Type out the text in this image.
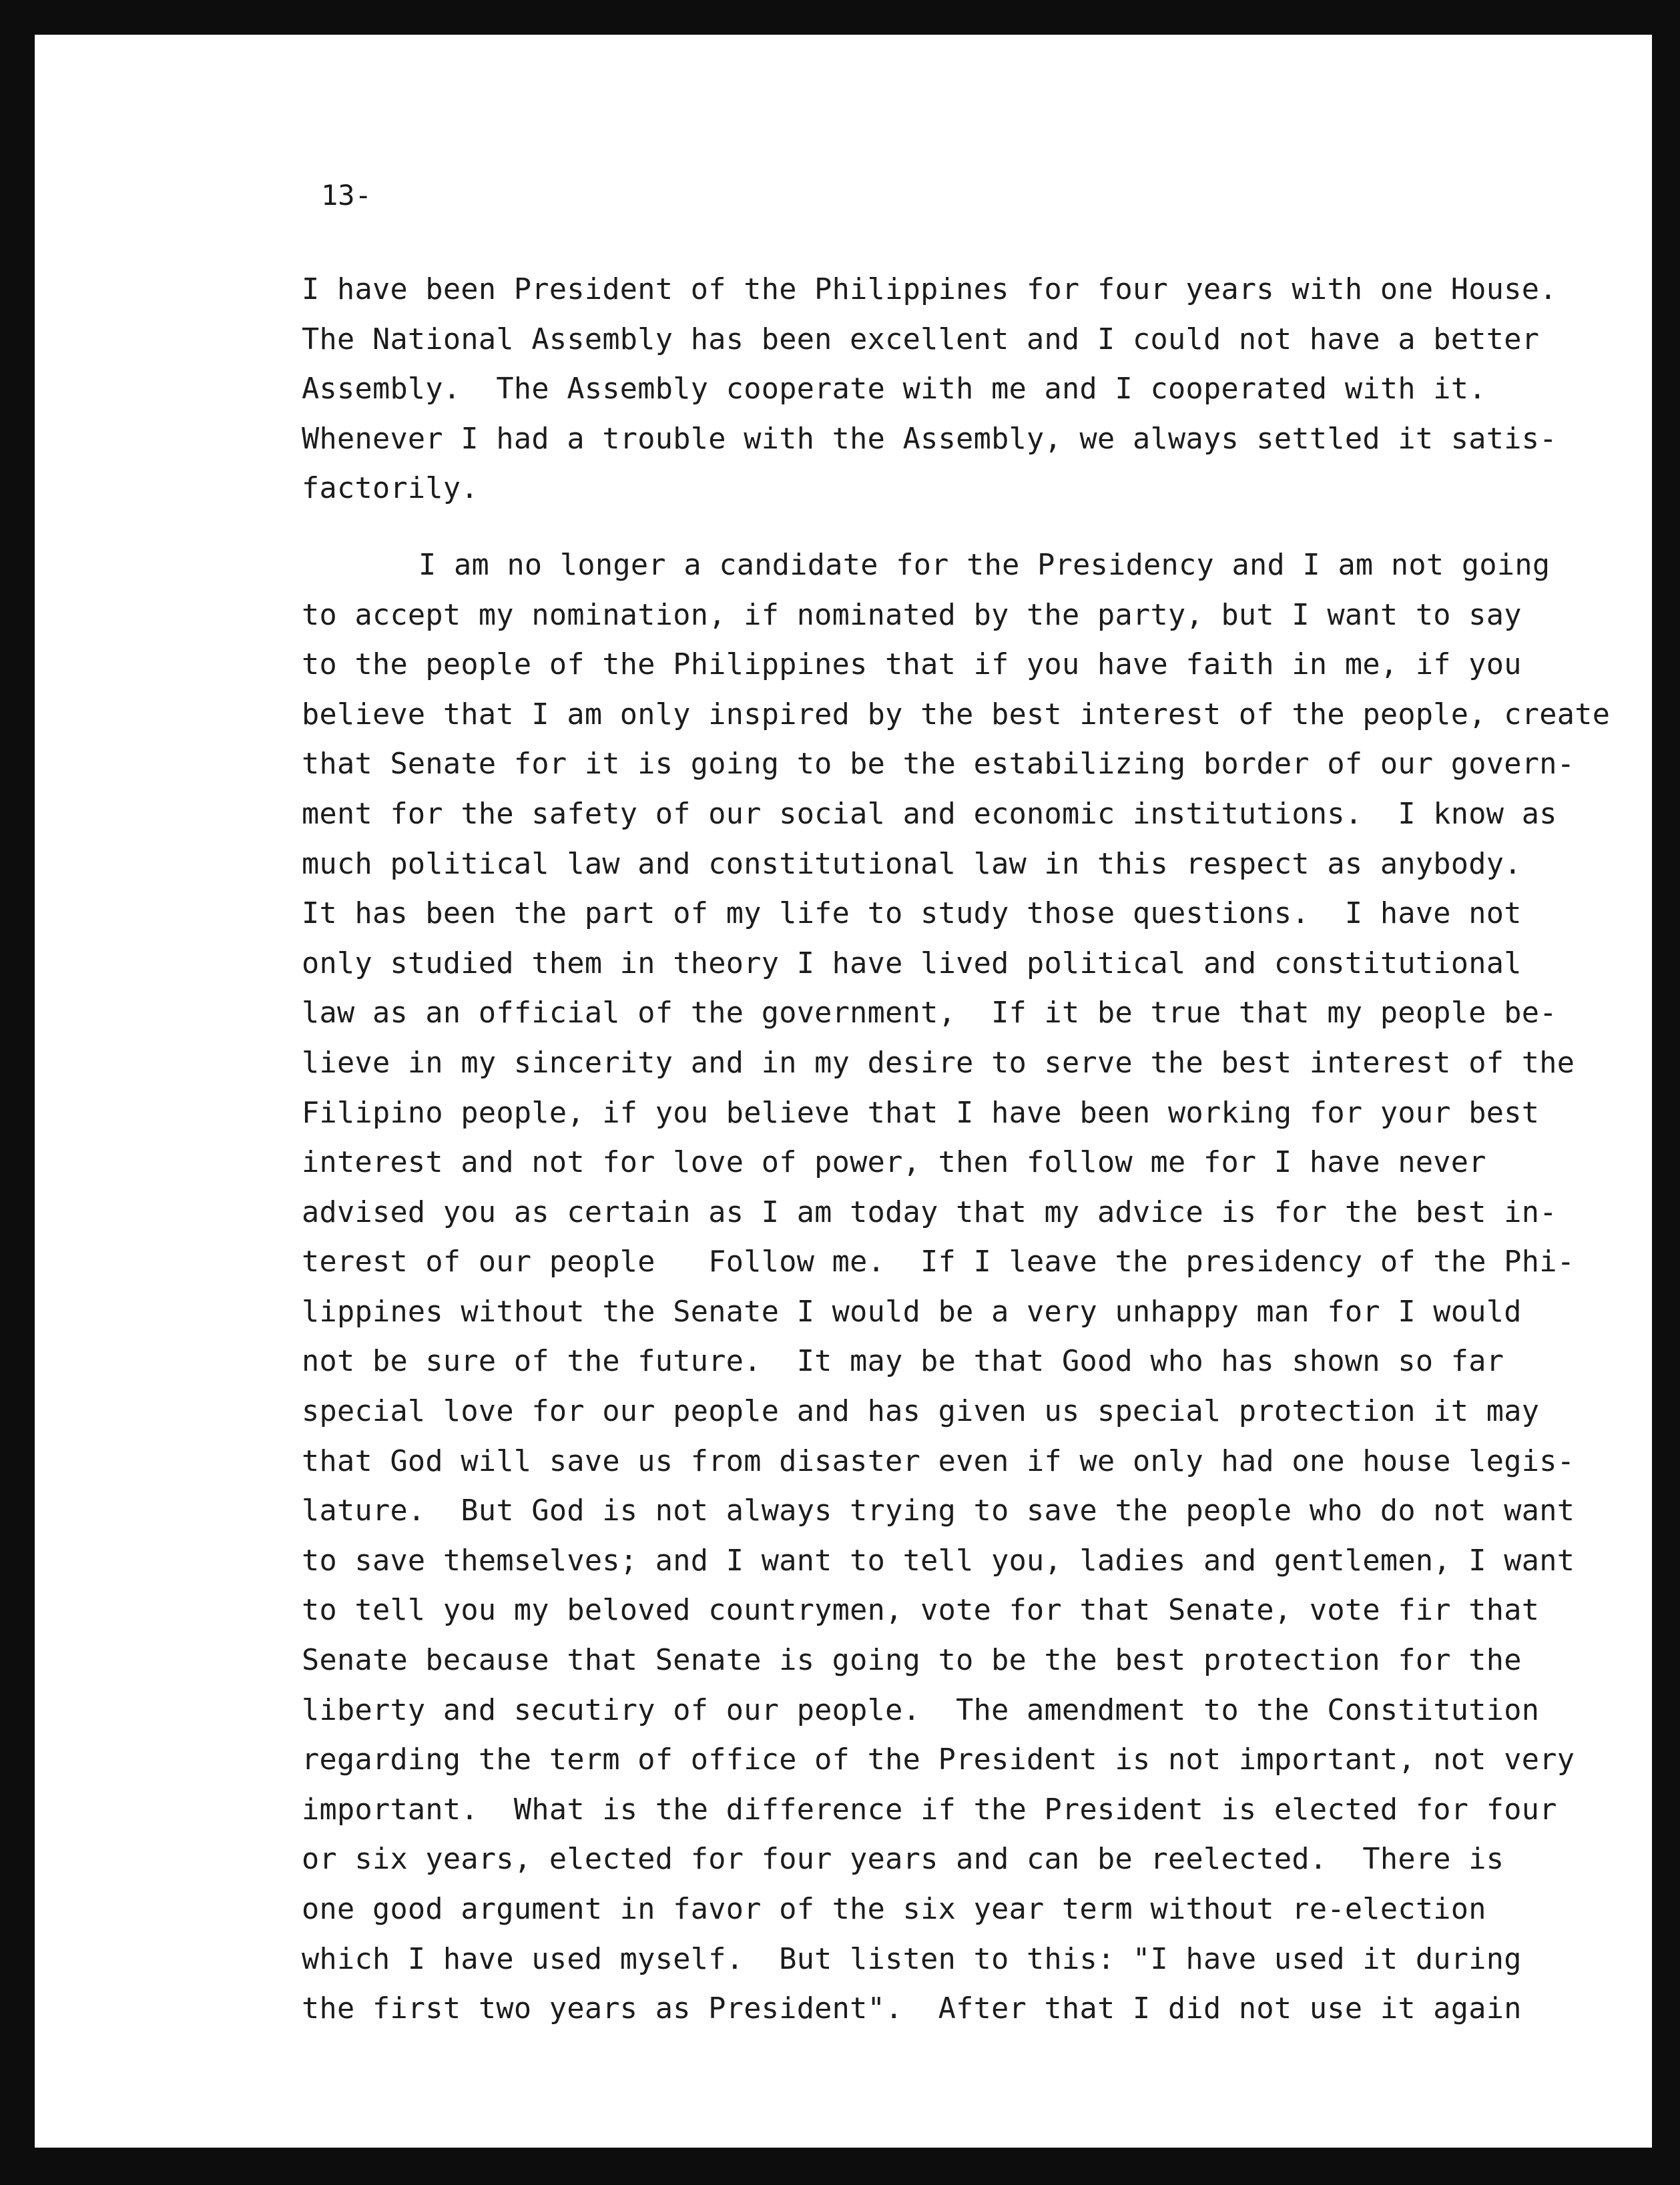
13-
I have been President of the Philippines for four years with one House.
The National Assembly has been excellent and I could not have a better
Assembly.  The Assembly cooperate with me and I cooperated with it.
Whenever I had a trouble with the Assembly, we always settled it satis-
factorily.
I am no longer a candidate for the Presidency and I am not going
to accept my nomination, if nominated by the party, but I want to say
to the people of the Philippines that if you have faith in me, if you
believe that I am only inspired by the best interest of the people, create
that Senate for it is going to be the estabilizing border of our govern-
ment for the safety of our social and economic institutions.  I know as
much political law and constitutional law in this respect as anybody.
It has been the part of my life to study those questions.  I have not
only studied them in theory I have lived political and constitutional
law as an official of the government,  If it be true that my people be-
lieve in my sincerity and in my desire to serve the best interest of the
Filipino people, if you believe that I have been working for your best
interest and not for love of power, then follow me for I have never
advised you as certain as I am today that my advice is for the best in-
terest of our people   Follow me.  If I leave the presidency of the Phi-
lippines without the Senate I would be a very unhappy man for I would
not be sure of the future.  It may be that Good who has shown so far
special love for our people and has given us special protection it may
that God will save us from disaster even if we only had one house legis-
lature.  But God is not always trying to save the people who do not want
to save themselves; and I want to tell you, ladies and gentlemen, I want
to tell you my beloved countrymen, vote for that Senate, vote fir that
Senate because that Senate is going to be the best protection for the
liberty and secutiry of our people.  The amendment to the Constitution
regarding the term of office of the President is not important, not very
important.  What is the difference if the President is elected for four
or six years, elected for four years and can be reelected.  There is
one good argument in favor of the six year term without re-election
which I have used myself.  But listen to this: "I have used it during
the first two years as President".  After that I did not use it again
